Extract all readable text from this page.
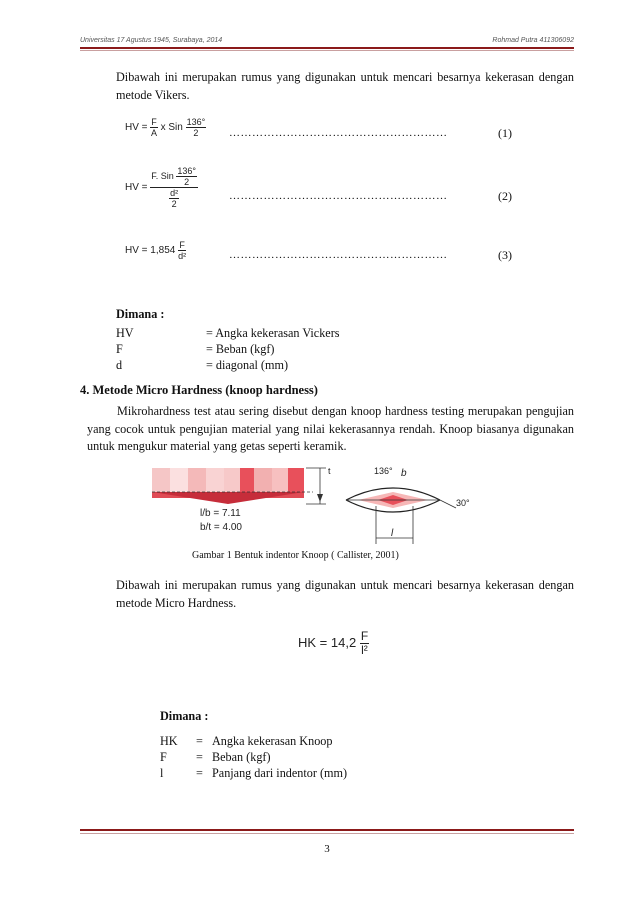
Universitas 17 Agustus 1945, Surabaya, 2014	Rohmad Putra 411306092
Dibawah ini merupakan rumus yang digunakan untuk mencari besarnya kekerasan dengan metode Vikers.
HV = $\frac{F}{A}$ x Sin $\frac{136^\circ}{2}$ …………………………………………………	(1)
HV = $\frac{F. Sin \frac{136^\circ}{2}}{\frac{\text{d²}}{2}}$	…………………………………………………	(2)
HV = $1,854 \frac{F}{\text{d²}}$	…………………………………………………	(3)
Dimana :
HV	= Angka kekerasan Vickers
F	= Beban (kgf)
d	= diagonal (mm)
4. Metode Micro Hardness (knoop hardness)
Mikrohardness test atau sering disebut dengan knoop hardness testing merupakan pengujian yang cocok untuk pengujian material yang nilai kekerasannya rendah. Knoop biasanya digunakan untuk mengukur material yang getas seperti keramik.
t
l/b = 7.11
b/t = 4.00
136° b
30°
l
Gambar 1 Bentuk indentor Knoop ( Callister, 2001)
Dibawah ini merupakan rumus yang digunakan untuk mencari besarnya kekerasan dengan metode Micro Hardness.
HK = $14,2 \frac{F}{\text{l²}}$
Dimana :
HK = Angka kekerasan Knoop
F = Beban (kgf)
l	= Panjang dari indentor (mm)
3
